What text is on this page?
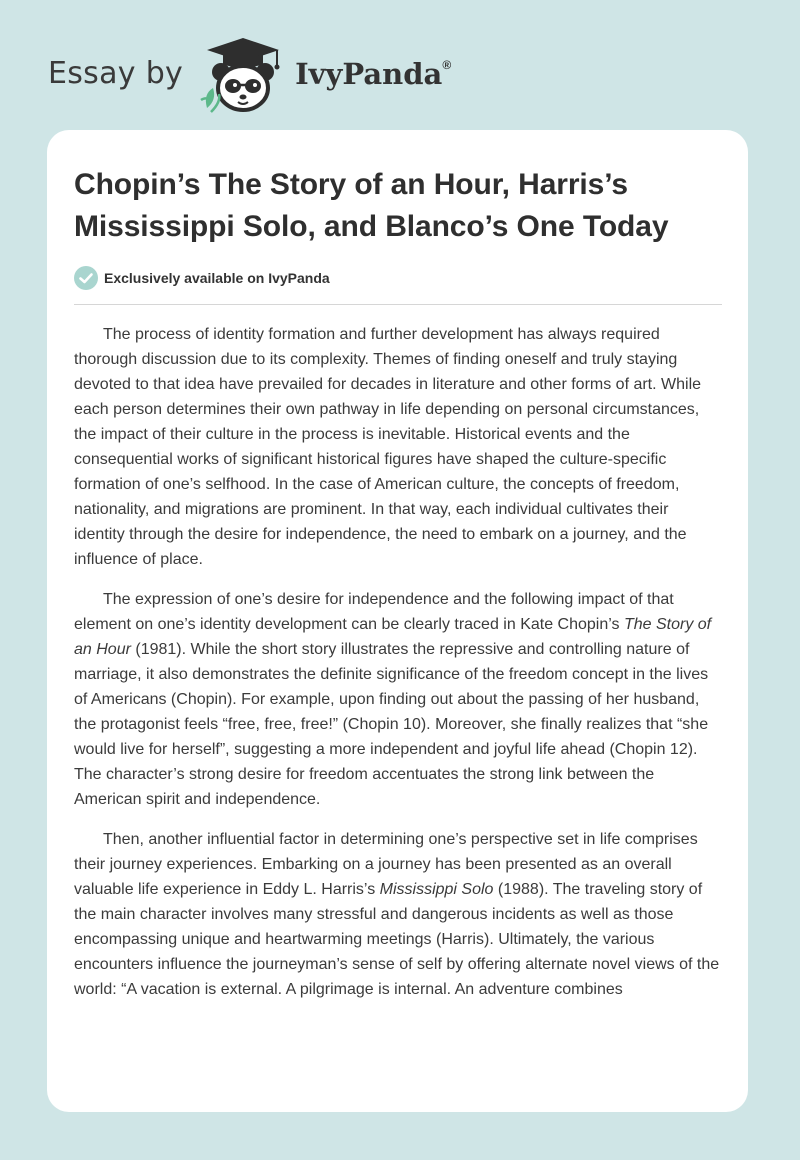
Essay by	IvyPanda®
Chopin’s The Story of an Hour, Harris’s Mississippi Solo, and Blanco’s One Today
Exclusively available on IvyPanda

The process of identity formation and further development has always required thorough discussion due to its complexity. Themes of finding oneself and truly staying devoted to that idea have prevailed for decades in literature and other forms of art. While each person determines their own pathway in life depending on personal circumstances, the impact of their culture in the process is inevitable. Historical events and the consequential works of significant historical figures have shaped the culture-specific formation of one’s selfhood. In the case of American culture, the concepts of freedom, nationality, and migrations are prominent. In that way, each individual cultivates their identity through the desire for independence, the need to embark on a journey, and the influence of place.

The expression of one’s desire for independence and the following impact of that element on one’s identity development can be clearly traced in Kate Chopin’s The Story of an Hour (1981). While the short story illustrates the repressive and controlling nature of marriage, it also demonstrates the definite significance of the freedom concept in the lives of Americans (Chopin). For example, upon finding out about the passing of her husband, the protagonist feels “free, free, free!” (Chopin 10). Moreover, she finally realizes that “she would live for herself”, suggesting a more independent and joyful life ahead (Chopin 12). The character’s strong desire for freedom accentuates the strong link between the American spirit and independence.

Then, another influential factor in determining one’s perspective set in life comprises their journey experiences. Embarking on a journey has been presented as an overall valuable life experience in Eddy L. Harris’s Mississippi Solo (1988). The traveling story of the main character involves many stressful and dangerous incidents as well as those encompassing unique and heartwarming meetings (Harris). Ultimately, the various encounters influence the journeyman’s sense of self by offering alternate novel views of the world: “A vacation is external. A pilgrimage is internal. An adventure combines
